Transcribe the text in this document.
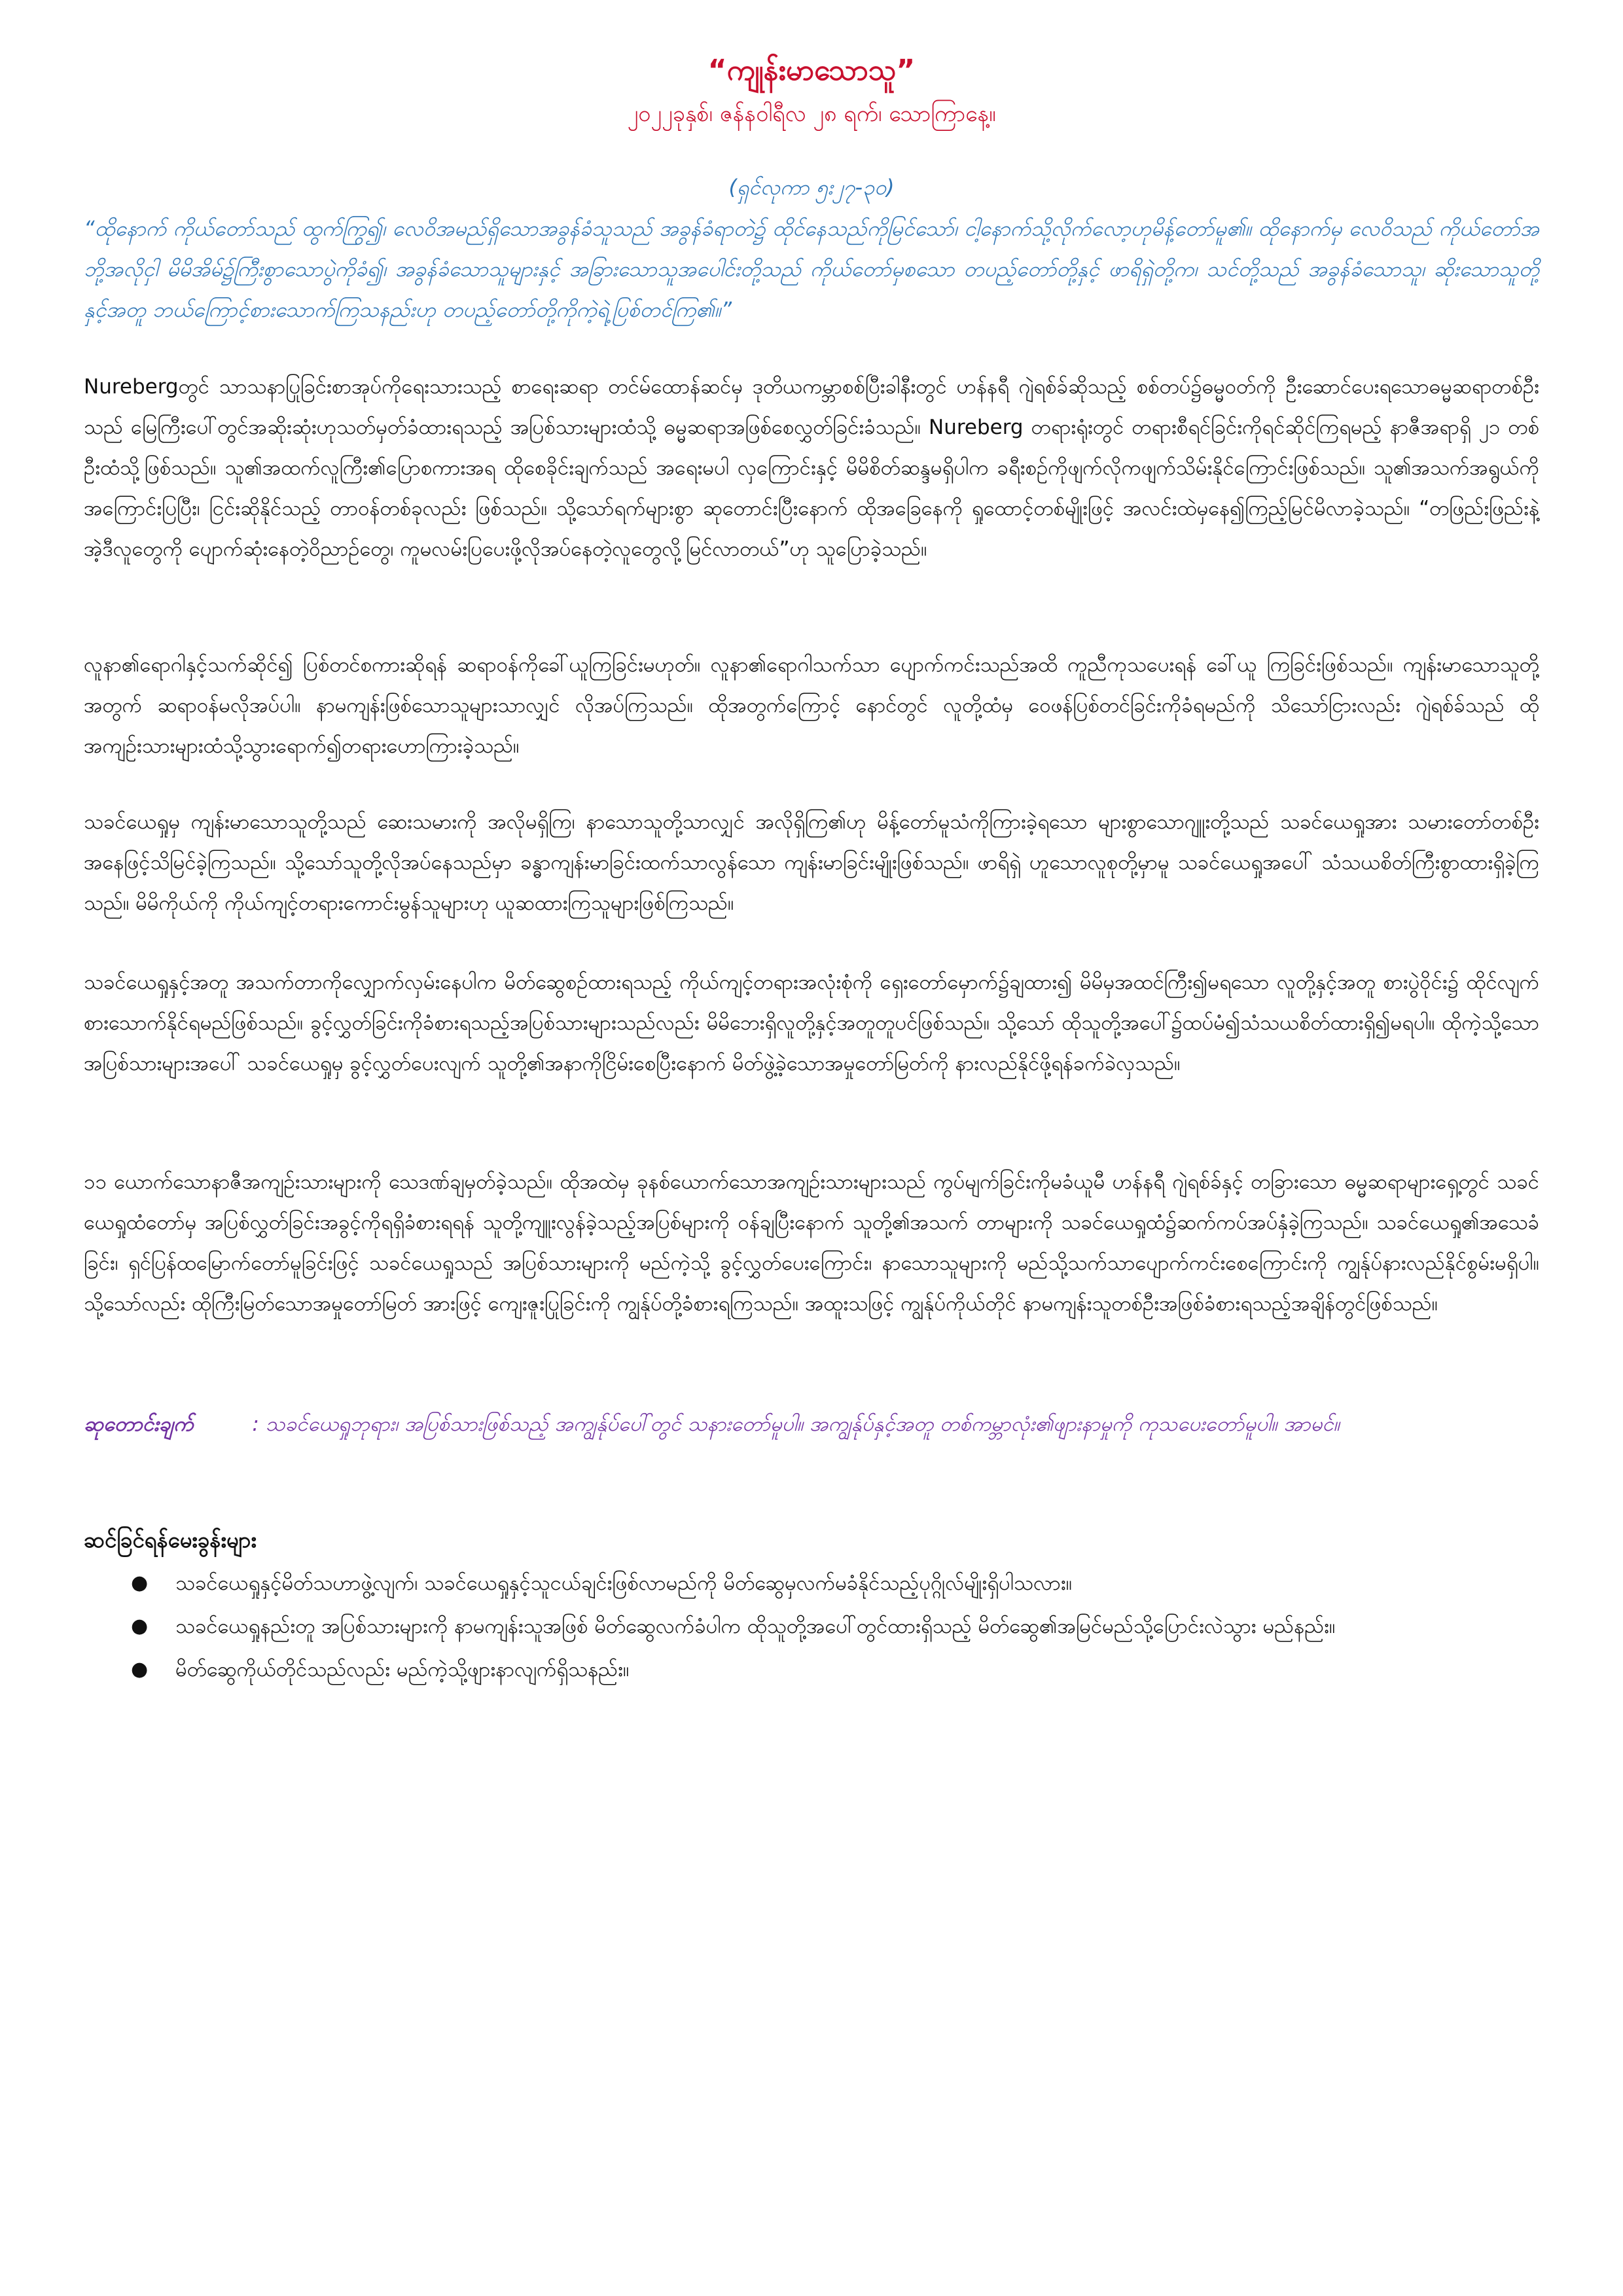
“ကျုန်းမာသောသူ”
၂၀၂၂ခုနှစ်၊ ဇန်နဝါရီလ ၂၈ ရက်၊ သောကြာနေ့။
(ရှင်လုကာ ၅း၂၇-၃၀)
“ထိုနောက် ကိုယ်တော်သည် ထွက်ကြွ၍၊ လေဝိအမည်ရှိသောအခွန်ခံသူသည် အခွန်ခံရာတဲ၌ ထိုင်နေသည်ကိုမြင်သော်၊ ငါ့နောက်သို့လိုက်လော့ဟုမိန့်တော်မူ၏။ ထိုနောက်မှ လေဝိသည် ကိုယ်တော်အဘို့အလိုငှါ မိမိအိမ်၌ကြီးစွာသောပွဲကိုခံ၍၊ အခွန်ခံသောသူများနှင့် အခြားသောသူအပေါင်းတို့သည် ကိုယ်တော်မှစသော တပည့်တော်တို့နှင့် ဖာရိရှဲတို့က၊ သင်တို့သည် အခွန်ခံသောသူ၊ ဆိုးသောသူတို့နှင့်အတူ ဘယ်ကြောင့်စားသောက်ကြသနည်းဟု တပည့်တော်တို့ကိုကဲ့ရဲ့ပြစ်တင်ကြ၏။”
Nurebergတွင် သာသနာပြုခြင်းစာအုပ်ကိုရေးသားသည့် စာရေးဆရာ တင်မ်ထောန်ဆင်မှ ဒုတိယကမ္ဘာစစ်ပြီးခါနီးတွင် ဟန်နရီ ဂျဲရစ်ခ်ဆိုသည့် စစ်တပ်၌ဓမ္မဝတ်ကို ဦးဆောင်ပေးရသောဓမ္မဆရာတစ်ဦးသည် မြေကြီးပေါ်တွင်အဆိုးဆုံးဟုသတ်မှတ်ခံထားရသည့် အပြစ်သားများထံသို့ ဓမ္မဆရာအဖြစ်စေလွှတ်ခြင်းခံသည်။ Nureberg တရားရုံးတွင် တရားစီရင်ခြင်းကိုရင်ဆိုင်ကြရမည့် နာဇီအရာရှိ ၂၁ တစ်ဦးထံသို့ဖြစ်သည်။ သူ၏အထက်လူကြီး၏ပြောစကားအရ ထိုစေခိုင်းချက်သည် အရေးမပါ လှကြောင်းနှင့် မိမိစိတ်ဆန္ဒမရှိပါက ခရီးစဉ်ကိုဖျက်လိုကဖျက်သိမ်းနိုင်ကြောင်းဖြစ်သည်။ သူ၏အသက်အရွယ်ကိုအကြောင်းပြပြီး၊ ငြင်းဆိုနိုင်သည့် တာဝန်တစ်ခုလည်း ဖြစ်သည်။ သို့သော်ရက်များစွာ ဆုတောင်းပြီးနောက် ထိုအခြေနေကို ရှုထောင့်တစ်မျိုးဖြင့် အလင်းထဲမှနေ၍ကြည့်မြင်မိလာခဲ့သည်။ “တဖြည်းဖြည်းနဲ့ အဲ့ဒီလူတွေကို ပျောက်ဆုံးနေတဲ့ဝိညာဉ်တွေ၊ ကူမလမ်းပြပေးဖို့လိုအပ်နေတဲ့လူတွေလို့မြင်လာတယ်”ဟု သူပြောခဲ့သည်။
လူနာ၏ရောဂါနှင့်သက်ဆိုင်၍ ပြစ်တင်စကားဆိုရန် ဆရာဝန်ကိုခေါ်ယူကြခြင်းမဟုတ်။ လူနာ၏ရောဂါသက်သာ ပျောက်ကင်းသည်အထိ ကူညီကုသပေးရန် ခေါ်ယူ ကြခြင်းဖြစ်သည်။ ကျန်းမာသောသူတို့အတွက် ဆရာဝန်မလိုအပ်ပါ။ နာမကျန်းဖြစ်သောသူများသာလျှင် လိုအပ်ကြသည်။ ထိုအတွက်ကြောင့် နောင်တွင် လူတို့ထံမှ ဝေဖန်ပြစ်တင်ခြင်းကိုခံရမည်ကို သိသော်ငြားလည်း ဂျဲရစ်ခ်သည် ထိုအကျဉ်းသားများထံသို့သွားရောက်၍တရားဟောကြားခဲ့သည်။
သခင်ယေရှုမှ ကျန်းမာသောသူတို့သည် ဆေးသမားကို အလိုမရှိကြ၊ နာသောသူတို့သာလျှင် အလိုရှိကြ၏ဟု မိန့်တော်မူသံကိုကြားခဲ့ရသော များစွာသောဂျူးတို့သည် သခင်ယေရှုအား သမားတော်တစ်ဦးအနေဖြင့်သိမြင်ခဲ့ကြသည်။ သို့သော်သူတို့လိုအပ်နေသည်မှာ ခန္ဓာကျန်းမာခြင်းထက်သာလွန်သော ကျန်းမာခြင်းမျိုးဖြစ်သည်။ ဖာရိရှဲ ဟူသောလူစုတို့မှာမူ သခင်ယေရှုအပေါ် သံသယစိတ်ကြီးစွာထားရှိခဲ့ကြသည်။ မိမိကိုယ်ကို ကိုယ်ကျင့်တရားကောင်းမွန်သူများဟု ယူဆထားကြသူများဖြစ်ကြသည်။
သခင်ယေရှုနှင့်အတူ အသက်တာကိုလျှောက်လှမ်းနေပါက မိတ်ဆွေစဉ်ထားရသည့် ကိုယ်ကျင့်တရားအလုံးစုံကို ရှေးတော်မှောက်၌ချထား၍ မိမိမှအထင်ကြီး၍မရသော လူတို့နှင့်အတူ စားပွဲဝိုင်း၌ ထိုင်လျက်စားသောက်နိုင်ရမည်ဖြစ်သည်။ ခွင့်လွှတ်ခြင်းကိုခံစားရသည့်အပြစ်သားများသည်လည်း မိမိဘေးရှိလူတို့နှင့်အတူတူပင်ဖြစ်သည်။ သို့သော် ထိုသူတို့အပေါ်၌ထပ်မံ၍သံသယစိတ်ထားရှိ၍မရပါ။ ထိုကဲ့သို့သောအပြစ်သားများအပေါ် သခင်ယေရှုမှ ခွင့်လွှတ်ပေးလျက် သူတို့၏အနာကိုငြိမ်းစေပြီးနောက် မိတ်ဖွဲ့ခဲ့သောအမှုတော်မြတ်ကို နားလည်နိုင်ဖို့ရန်ခက်ခဲလှသည်။
၁၁ ယောက်သောနာဇီအကျဉ်းသားများကို သေဒဏ်ချမှတ်ခဲ့သည်။ ထိုအထဲမှ ခုနစ်ယောက်သောအကျဉ်းသားများသည် ကွပ်မျက်ခြင်းကိုမခံယူမီ ဟန်နရီ ဂျဲရစ်ခ်နှင့် တခြားသော ဓမ္မဆရာများရှေ့တွင် သခင်ယေရှုထံတော်မှ အပြစ်လွှတ်ခြင်းအခွင့်ကိုရရှိခံစားရရန် သူတို့ကျူးလွန်ခဲ့သည့်အပြစ်များကို ဝန်ချပြီးနောက် သူတို့၏အသက် တာများကို သခင်ယေရှုထံ၌ဆက်ကပ်အပ်နှံခဲ့ကြသည်။ သခင်ယေရှု၏အသေခံခြင်း၊ ရှင်ပြန်ထမြောက်တော်မူခြင်းဖြင့် သခင်ယေရှုသည် အပြစ်သားများကို မည်ကဲ့သို့ ခွင့်လွှတ်ပေးကြောင်း၊ နာသောသူများကို မည်သို့သက်သာပျောက်ကင်းစေကြောင်းကို ကျွန်ုပ်နားလည်နိုင်စွမ်းမရှိပါ။ သို့သော်လည်း ထိုကြီးမြတ်သောအမှုတော်မြတ် အားဖြင့် ကျေးဇူးပြုခြင်းကို ကျွန်ုပ်တို့ခံစားရကြသည်။ အထူးသဖြင့် ကျွန်ုပ်ကိုယ်တိုင် နာမကျန်းသူတစ်ဦးအဖြစ်ခံစားရသည့်အချိန်တွင်ဖြစ်သည်။
ဆုတောင်းချက်	: သခင်ယေရှုဘုရား၊ အပြစ်သားဖြစ်သည့် အကျွန်ုပ်ပေါ်တွင် သနားတော်မူပါ။ အကျွန်ုပ်နှင့်အတူ တစ်ကမ္ဘာလုံး၏ဖျားနာမှုကို ကုသပေးတော်မူပါ။ အာမင်။
ဆင်ခြင်ရန်မေးခွန်းများ
● သခင်ယေရှုနှင့်မိတ်သဟာဖွဲ့လျက်၊ သခင်ယေရှုနှင့်သူငယ်ချင်းဖြစ်လာမည်ကို မိတ်ဆွေမှလက်မခံနိုင်သည့်ပုဂ္ဂိုလ်မျိုးရှိပါသလား။
● သခင်ယေရှုနည်းတူ အပြစ်သားများကို နာမကျန်းသူအဖြစ် မိတ်ဆွေလက်ခံပါက ထိုသူတို့အပေါ်တွင်ထားရှိသည့် မိတ်ဆွေ၏အမြင်မည်သို့ပြောင်းလဲသွား မည်နည်း။
● မိတ်ဆွေကိုယ်တိုင်သည်လည်း မည်ကဲ့သို့ဖျားနာလျက်ရှိသနည်း။
